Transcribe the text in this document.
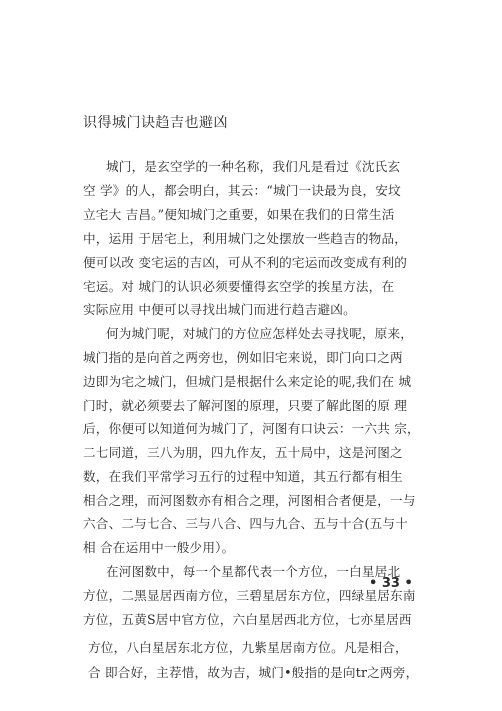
识得城门诀趋吉也避凶
城门，是玄空学的一种名称，我们凡是看过《沈氏玄
空 学》的人，都会明白，其云：“城门一诀最为良，安坟
立宅大 吉昌。”便知城门之重要，如果在我们的日常生活
中，运用 于居宅上，利用城门之处摆放一些趋吉的物品，
便可以改 变宅运的吉凶，可从不利的宅运而改变成有利的
宅运。对 城门的认识必须要懂得玄空学的挨星方法，在
实际应用 中便可以寻找出城门而进行趋吉避凶。
何为城门呢，对城门的方位应怎样处去寻找呢，原来，
城门指的是向首之两旁也，例如旧宅来说，即门向口之两
边即为宅之城门，但城门是根据什么来定论的呢,我们在 城
门时，就必须要去了解河图的原理，只要了解此图的原 理
后，你便可以知道何为城门了，河图有口诀云：一六共 宗，
二七同道，三八为朋，四九作友，五十局中，这是河图之
数，在我们平常学习五行的过程中知道，其五行都有相生
相合之理，而河图数亦有相合之理，河图相合者便是，一与
六合、二与七合、三与八合、四与九合、五与十合(五与十
相 合在运用中一般少用）。
在河图数中，每一个星都代表一个方位，一白星居北
方位，二黑显居西南方位，三碧星居东方位，四绿星居东南
方位，五黄S居中官方位，六白星居西北方位，七亦星居西
• 33 •
方位，八白星居东北方位，九紫星居南方位。凡是相合，
合 即合好，主荐惜，故为吉，城门•般指的是向tr之两旁，
